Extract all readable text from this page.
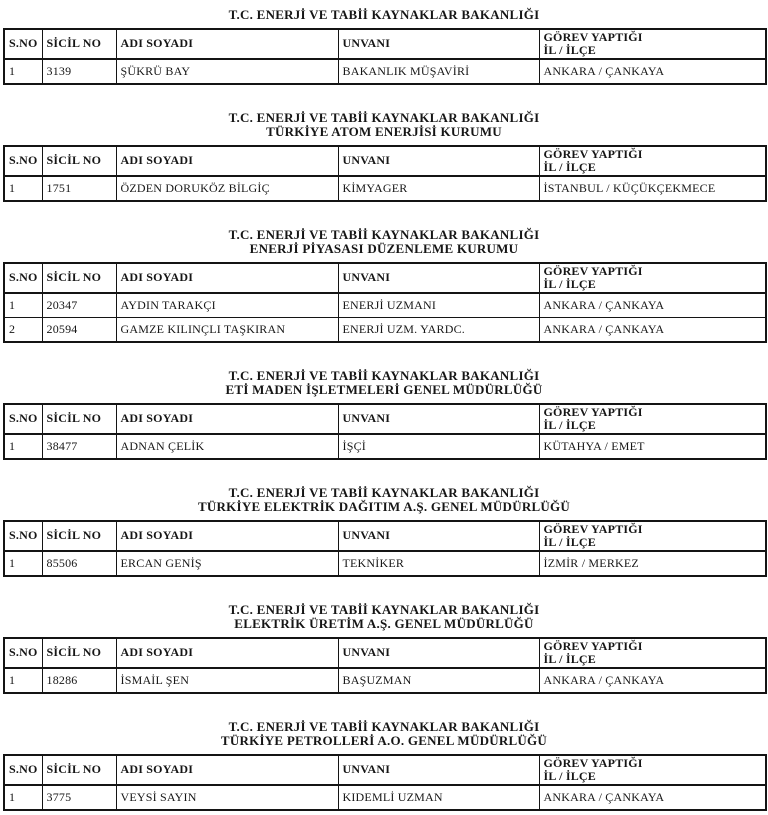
T.C. ENERJİ VE TABİİ KAYNAKLAR BAKANLIĞI
S.NO	SİCİL NO	ADI SOYADI	UNVANI	GÖREV YAPTIĞI
İL / İLÇE

1	3139	ŞÜKRÜ BAY	BAKANLIK MÜŞAVİRİ	ANKARA / ÇANKAYA
T.C. ENERJİ VE TABİİ KAYNAKLAR BAKANLIĞI
TÜRKİYE ATOM ENERJİSİ KURUMU
S.NO	SİCİL NO	ADI SOYADI	UNVANI	GÖREV YAPTIĞI
İL / İLÇE

1	1751	ÖZDEN DORUKÖZ BİLGİÇ	KİMYAGER	İSTANBUL / KÜÇÜKÇEKMECE
T.C. ENERJİ VE TABİİ KAYNAKLAR BAKANLIĞI
ENERJİ PİYASASI DÜZENLEME KURUMU
S.NO	SİCİL NO	ADI SOYADI	UNVANI	GÖREV YAPTIĞI
İL / İLÇE

1	20347	AYDIN TARAKÇI	ENERJİ UZMANI	ANKARA / ÇANKAYA
2	20594	GAMZE KILINÇLI TAŞKIRAN	ENERJİ UZM. YARDC.	ANKARA / ÇANKAYA
T.C. ENERJİ VE TABİİ KAYNAKLAR BAKANLIĞI
ETİ MADEN İŞLETMELERİ GENEL MÜDÜRLÜĞÜ
S.NO	SİCİL NO	ADI SOYADI	UNVANI	GÖREV YAPTIĞI
İL / İLÇE

1	38477	ADNAN ÇELİK	İŞÇİ	KÜTAHYA / EMET
T.C. ENERJİ VE TABİİ KAYNAKLAR BAKANLIĞI
TÜRKİYE ELEKTRİK DAĞITIM A.Ş. GENEL MÜDÜRLÜĞÜ
S.NO	SİCİL NO	ADI SOYADI	UNVANI	GÖREV YAPTIĞI
İL / İLÇE

1	85506	ERCAN GENİŞ	TEKNİKER	İZMİR / MERKEZ
T.C. ENERJİ VE TABİİ KAYNAKLAR BAKANLIĞI
ELEKTRİK ÜRETİM A.Ş. GENEL MÜDÜRLÜĞÜ
S.NO	SİCİL NO	ADI SOYADI	UNVANI	GÖREV YAPTIĞI
İL / İLÇE

1	18286	İSMAİL ŞEN	BAŞUZMAN	ANKARA / ÇANKAYA
T.C. ENERJİ VE TABİİ KAYNAKLAR BAKANLIĞI
TÜRKİYE PETROLLERİ A.O. GENEL MÜDÜRLÜĞÜ
S.NO	SİCİL NO	ADI SOYADI	UNVANI	GÖREV YAPTIĞI
İL / İLÇE

1	3775	VEYSİ SAYIN	KIDEMLİ UZMAN	ANKARA / ÇANKAYA
